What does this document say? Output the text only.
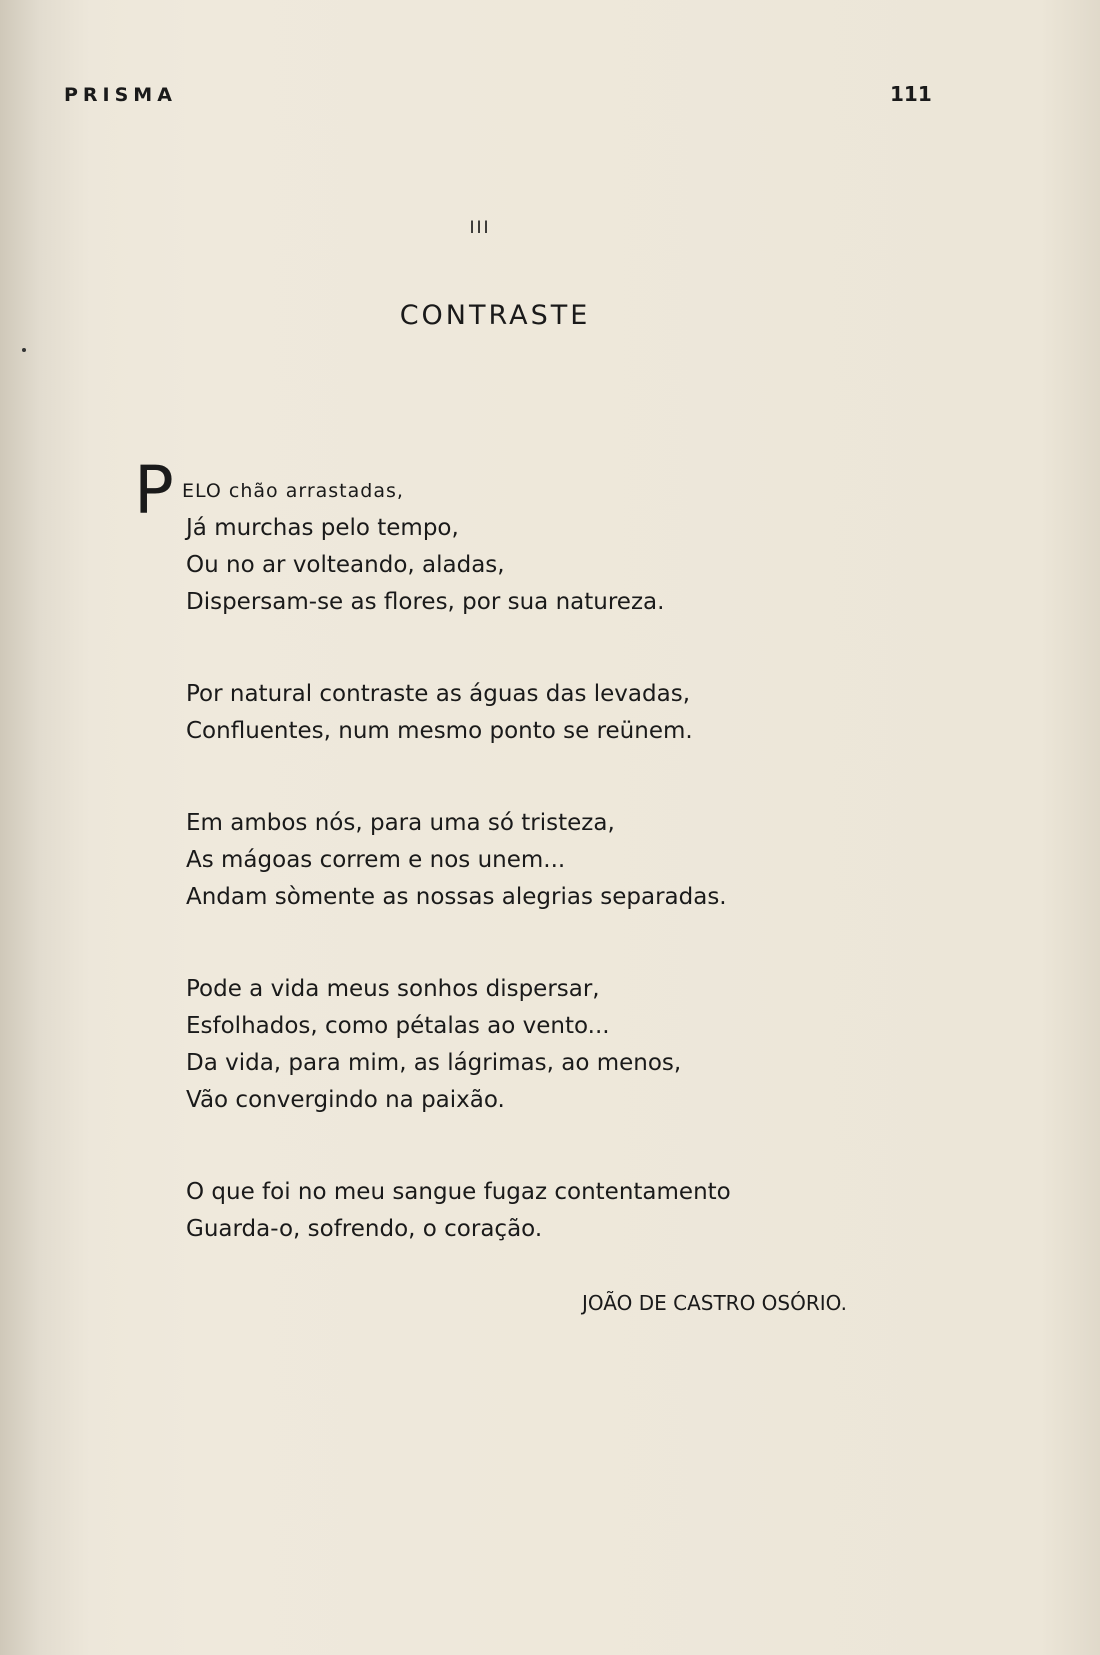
PRISMA	111
III
CONTRASTE
P ELO chão arrastadas,
Já murchas pelo tempo,
Ou no ar volteando, aladas,
Dispersam-se as flores, por sua natureza.
Por natural contraste as águas das levadas,
Confluentes, num mesmo ponto se reünem.
Em ambos nós, para uma só tristeza,
As mágoas correm e nos unem...
Andam sòmente as nossas alegrias separadas.
Pode a vida meus sonhos dispersar,
Esfolhados, como pétalas ao vento...
Da vida, para mim, as lágrimas, ao menos,
Vão convergindo na paixão.
O que foi no meu sangue fugaz contentamento
Guarda-o, sofrendo, o coração.
JOÃO DE CASTRO OSÓRIO.
